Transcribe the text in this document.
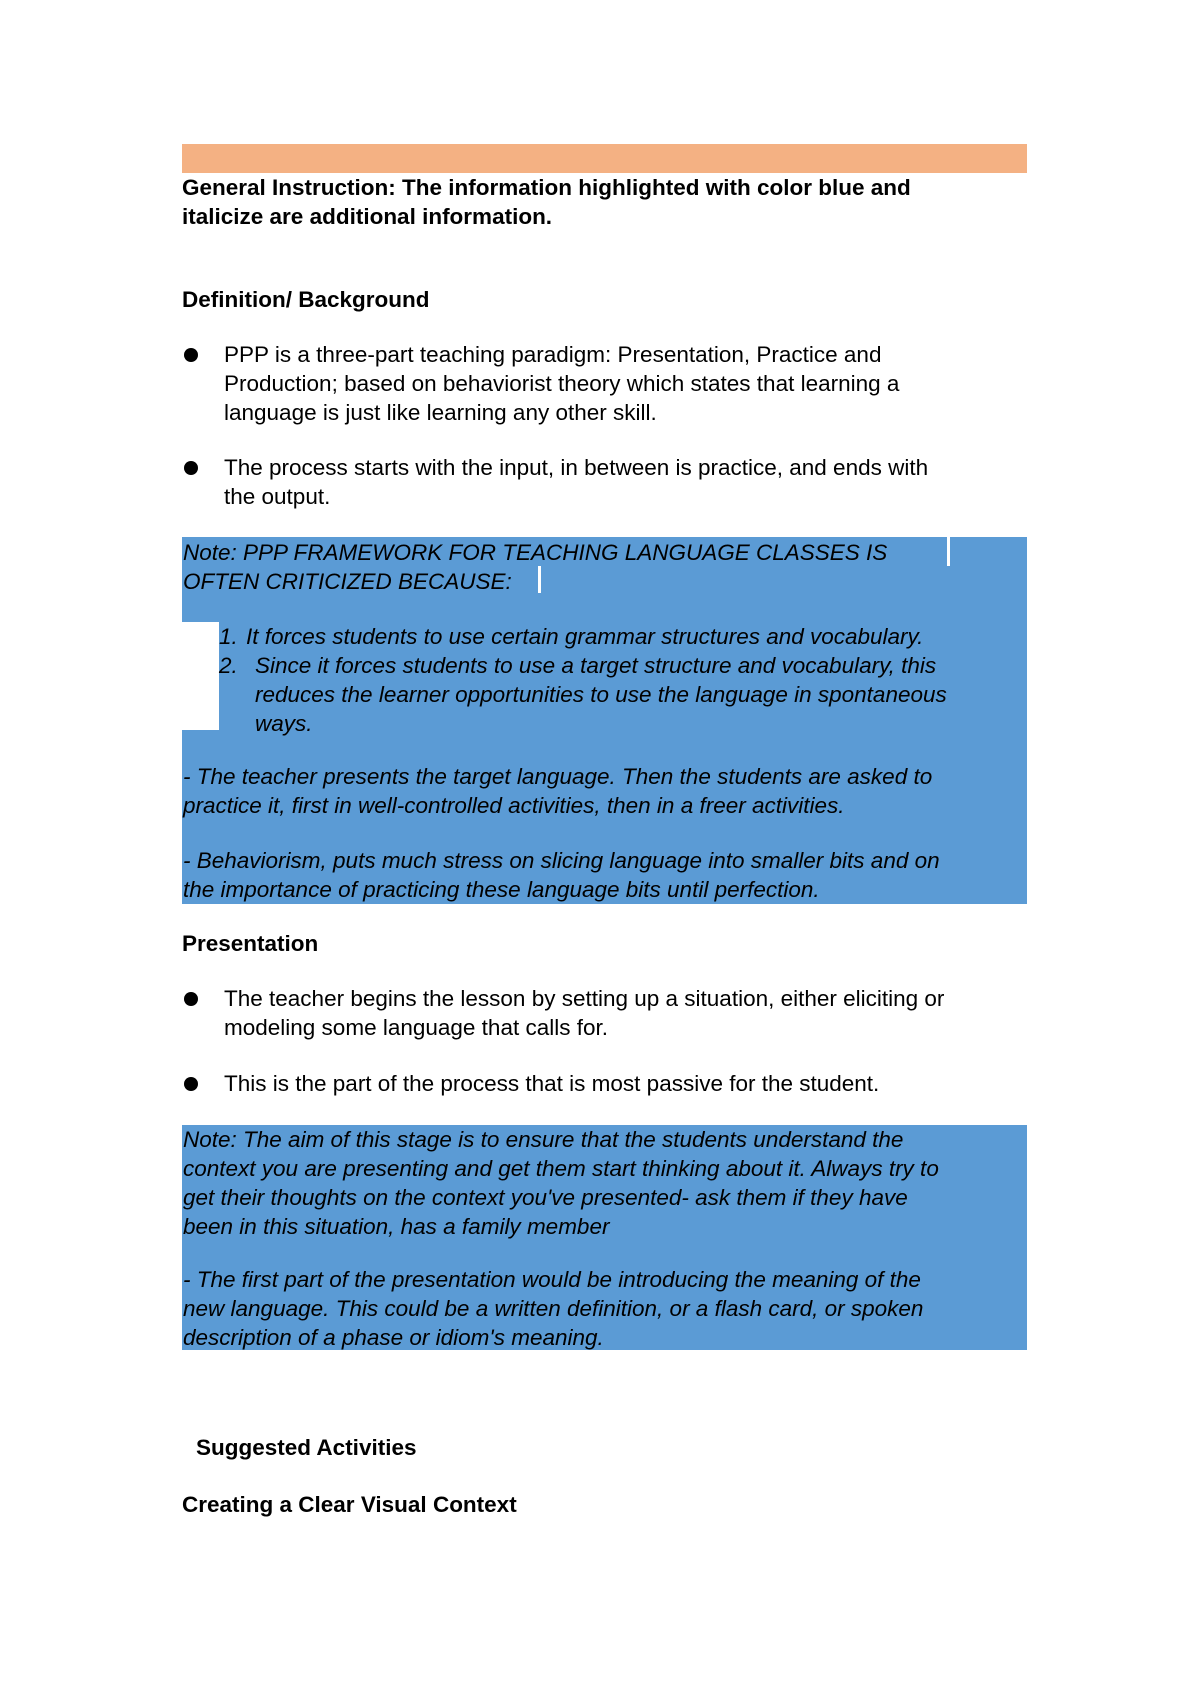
General Instruction: The information highlighted with color blue and
italicize are additional information.
Definition/ Background
PPP is a three-part teaching paradigm: Presentation, Practice and
Production; based on behaviorist theory which states that learning a
language is just like learning any other skill.
The process starts with the input, in between is practice, and ends with
the output.
Note: PPP FRAMEWORK FOR TEACHING LANGUAGE CLASSES IS
OFTEN CRITICIZED BECAUSE:
1. It forces students to use certain grammar structures and vocabulary.
2. Since it forces students to use a target structure and vocabulary, this
reduces the learner opportunities to use the language in spontaneous
ways.
- The teacher presents the target language. Then the students are asked to
practice it, first in well-controlled activities, then in a freer activities.
- Behaviorism, puts much stress on slicing language into smaller bits and on
the importance of practicing these language bits until perfection.
Presentation
The teacher begins the lesson by setting up a situation, either eliciting or
modeling some language that calls for.
This is the part of the process that is most passive for the student.
Note: The aim of this stage is to ensure that the students understand the
context you are presenting and get them start thinking about it. Always try to
get their thoughts on the context you've presented- ask them if they have
been in this situation, has a family member
- The first part of the presentation would be introducing the meaning of the
new language. This could be a written definition, or a flash card, or spoken
description of a phase or idiom's meaning.
Suggested Activities
Creating a Clear Visual Context
